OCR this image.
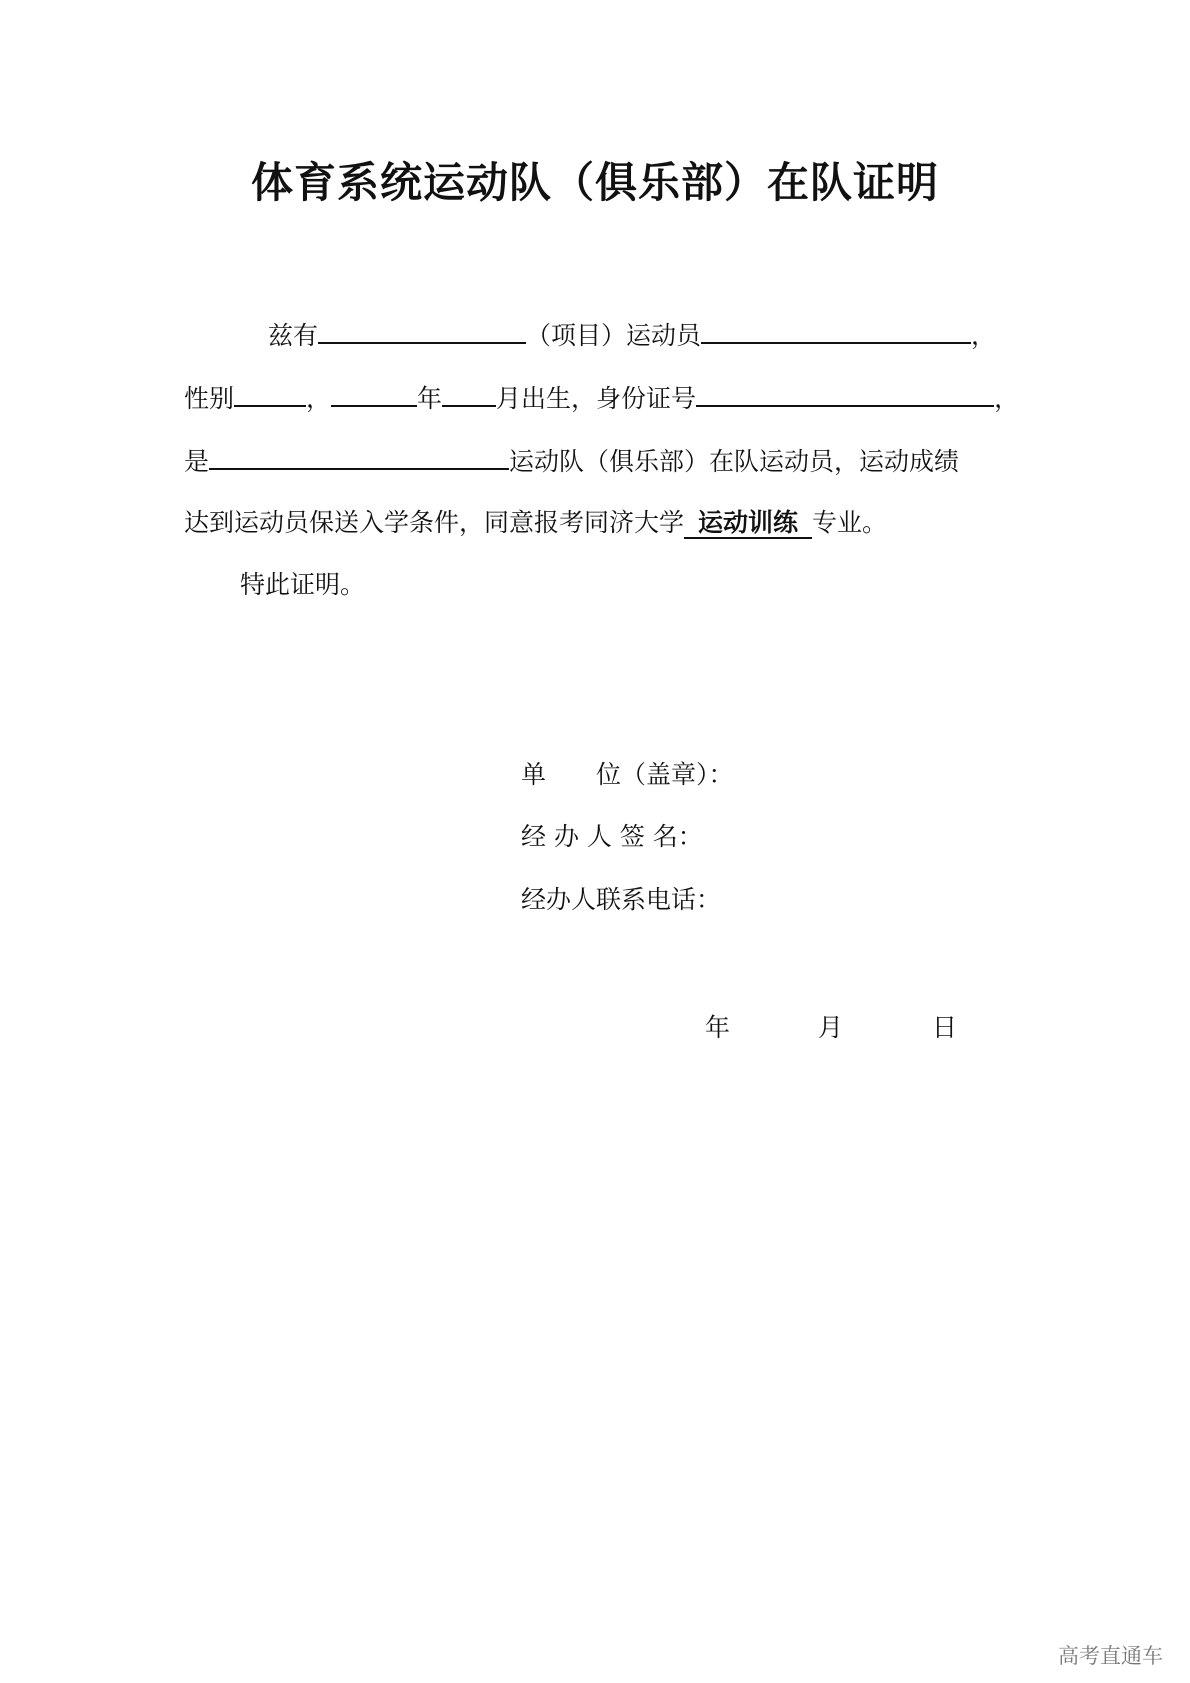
体育系统运动队（俱乐部）在队证明
兹有	（项目）运动员	，
性别	，	年 月出生，身份证号	，
是	运动队（俱乐部）在队运动员，运动成绩
达到运动员保送入学条件，同意报考同济大学 运动训练 专业。
特此证明。
单　　位（盖章）：
经 办 人 签 名：
经办人联系电话：
年	月	日
高考直通车
